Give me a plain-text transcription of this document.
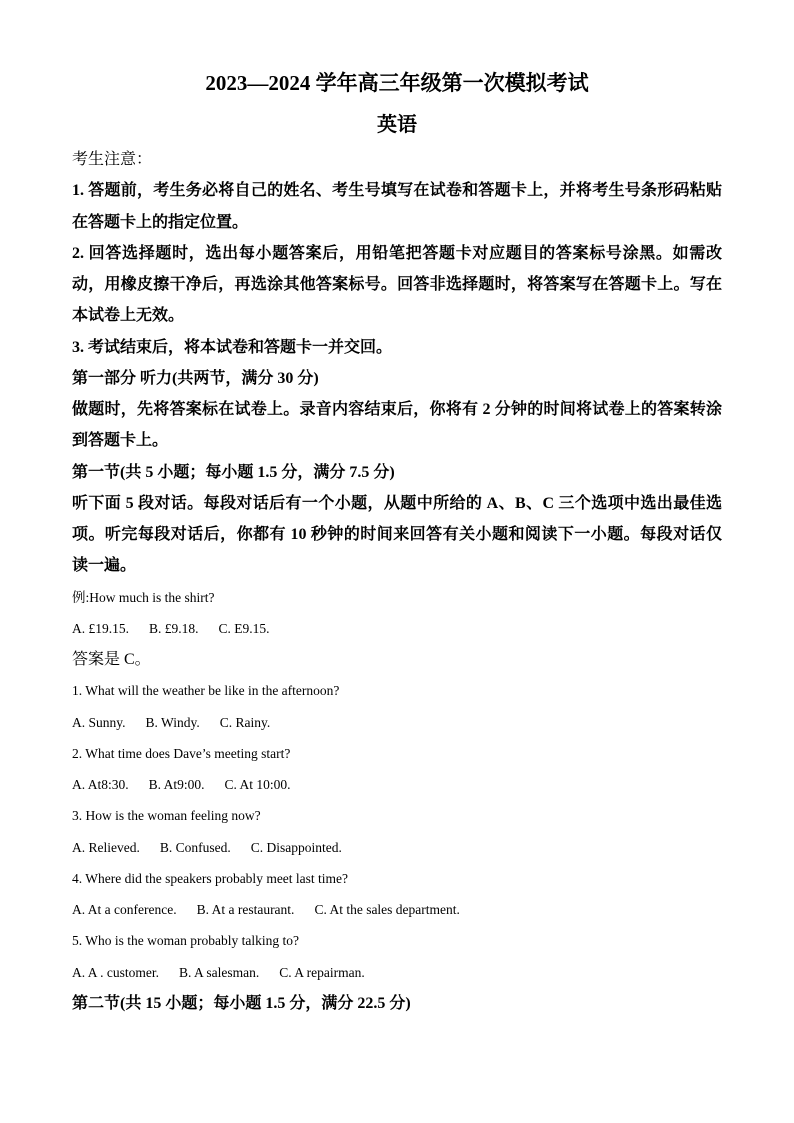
2023—2024 学年高三年级第一次模拟考试
英语
考生注意：
1. 答题前，考生务必将自己的姓名、考生号填写在试卷和答题卡上，并将考生号条形码粘贴
在答题卡上的指定位置。
2. 回答选择题时，选出每小题答案后，用铅笔把答题卡对应题目的答案标号涂黑。如需改
动，用橡皮擦干净后，再选涂其他答案标号。回答非选择题时，将答案写在答题卡上。写在
本试卷上无效。
3. 考试结束后，将本试卷和答题卡一并交回。
第一部分 听力(共两节，满分 30 分)
做题时，先将答案标在试卷上。录音内容结束后，你将有 2 分钟的时间将试卷上的答案转涂
到答题卡上。
第一节(共 5 小题；每小题 1.5 分，满分 7.5 分)
听下面 5 段对话。每段对话后有一个小题，从题中所给的 A、B、C 三个选项中选出最佳选
项。听完每段对话后，你都有 10 秒钟的时间来回答有关小题和阅读下一小题。每段对话仅
读一遍。
例:How much is the shirt?
A. £19.15. B. £9.18. C. E9.15.
答案是 C。
1. What will the weather be like in the afternoon?
A. Sunny. B. Windy. C. Rainy.
2. What time does Dave’s meeting start?
A. At8:30. B. At9:00. C. At 10:00.
3. How is the woman feeling now?
A. Relieved. B. Confused. C. Disappointed.
4. Where did the speakers probably meet last time?
A. At a conference. B. At a restaurant. C. At the sales department.
5. Who is the woman probably talking to?
A. A . customer. B. A salesman. C. A repairman.
第二节(共 15 小题；每小题 1.5 分，满分 22.5 分)
